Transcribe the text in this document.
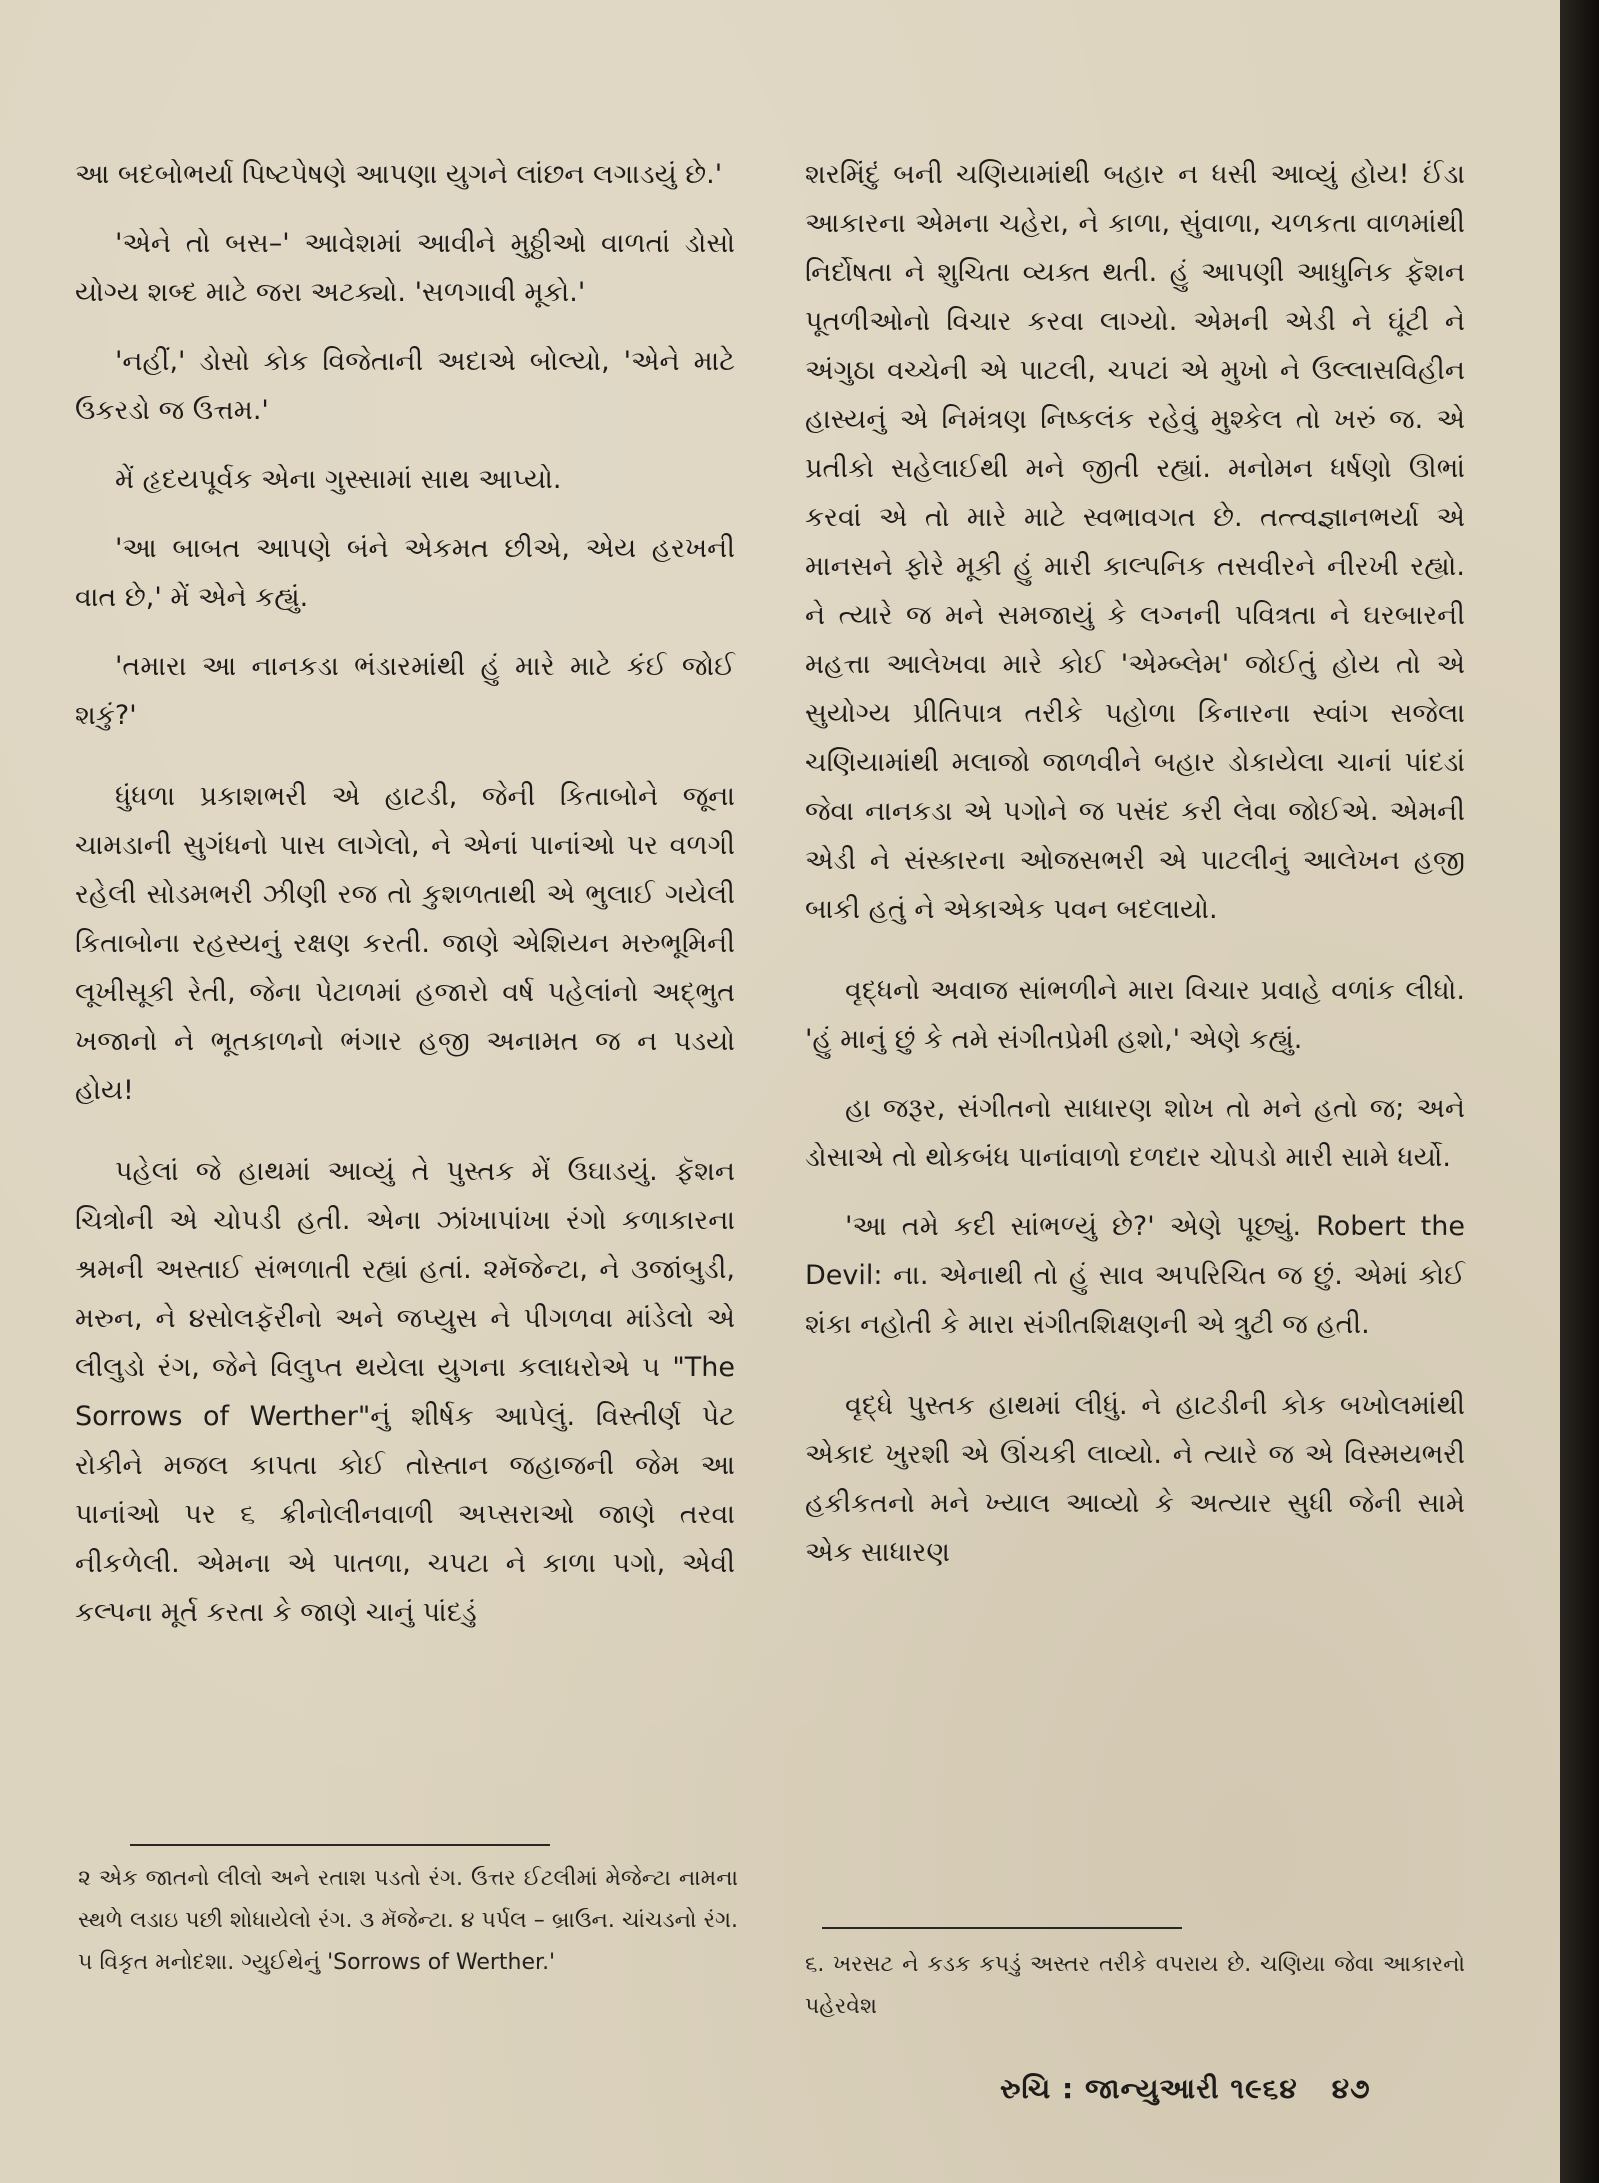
આ બદબોભર્યા પિષ્ટપેષણે આપણા યુગને લાંછન લગાડયું છે.'

'એને તો બસ–' આવેશમાં આવીને મુઠ્ઠીઓ વાળતાં ડોસો યોગ્ય શબ્દ માટે જરા અટક્યો. 'સળગાવી મૂકો.'

'નહીં,' ડોસો કોક વિજેતાની અદાએ બોલ્યો, 'એને માટે ઉકરડો જ ઉત્તમ.'

મેં હૃદયપૂર્વક એના ગુસ્સામાં સાથ આપ્યો.

'આ બાબત આપણે બંને એકમત છીએ, એય હરખની વાત છે,' મેં એને કહ્યું.

'તમારા આ નાનકડા ભંડારમાંથી હું મારે માટે કંઈ જોઈ શકું?'

ધુંધળા પ્રકાશભરી એ હાટડી, જેની કિતાબોને જૂના ચામડાની સુગંધનો પાસ લાગેલો, ને એનાં પાનાંઓ પર વળગી રહેલી સોડમભરી ઝીણી રજ તો કુશળતાથી એ ભુલાઈ ગયેલી કિતાબોના રહસ્યનું રક્ષણ કરતી. જાણે એશિયન મરુભૂમિની લૂખીસૂકી રેતી, જેના પેટાળમાં હજારો વર્ષ પહેલાંનો અદ્ભુત ખજાનો ને ભૂતકાળનો ભંગાર હજી અનામત જ ન પડયો હોય!

પહેલાં જે હાથમાં આવ્યું તે પુસ્તક મેં ઉઘાડયું. ફૅશન ચિત્રોની એ ચોપડી હતી. એના ઝાંખાપાંખા રંગો કળાકારના શ્રમની અસ્તાઈ સંભળાતી રહ્યાં હતાં. ૨મૅજેન્ટા, ને ૩જાંબુડી, મરુન, ને ૪સોલફૅરીનો અને જપ્યુસ ને પીગળવા માંડેલો એ લીલુડો રંગ, જેને વિલુપ્ત થયેલા યુગના કલાધરોએ ૫ "The Sorrows of Werther"નું શીર્ષક આપેલું. વિસ્તીર્ણ પેટ રોકીને મજલ કાપતા કોઈ તોસ્તાન જહાજની જેમ આ પાનાંઓ પર ૬ ક્રીનોલીનવાળી અપ્સરાઓ જાણે તરવા નીકળેલી. એમના એ પાતળા, ચપટા ને કાળા પગો, એવી કલ્પના મૂર્ત કરતા કે જાણે ચાનું પાંદડું

૨ એક જાતનો લીલો અને રતાશ પડતો રંગ. ઉત્તર ઈટલીમાં મેજેન્ટા નામના સ્થળે લડાઇ પછી શોધાયેલો રંગ. ૩ મૅજેન્ટા. ૪ પર્પલ – બ્રાઉન. ચાંચડનો રંગ. ૫ વિકૃત મનોદશા. ગ્યુઈથેનું 'Sorrows of Werther.'

શરમિંદું બની ચણિયામાંથી બહાર ન ધસી આવ્યું હોય! ઈંડા આકારના એમના ચહેરા, ને કાળા, સુંવાળા, ચળકતા વાળમાંથી નિર્દોષતા ને શુચિતા વ્યક્ત થતી. હું આપણી આધુનિક ફૅશન પૂતળીઓનો વિચાર કરવા લાગ્યો. એમની એડી ને ઘૂંટી ને અંગુઠા વચ્ચેની એ પાટલી, ચપટાં એ મુખો ને ઉલ્લાસવિહીન હાસ્યનું એ નિમંત્રણ નિષ્કલંક રહેવું મુશ્કેલ તો ખરું જ. એ પ્રતીકો સહેલાઈથી મને જીતી રહ્યાં. મનોમન ધર્ષણો ઊભાં કરવાં એ તો મારે માટે સ્વભાવગત છે. તત્ત્વજ્ઞાનભર્યા એ માનસને ફોરે મૂકી હું મારી કાલ્પનિક તસવીરને નીરખી રહ્યો. ને ત્યારે જ મને સમજાયું કે લગ્નની પવિત્રતા ને ઘરબારની મહત્તા આલેખવા મારે કોઈ 'એમ્બ્લેમ' જોઈતું હોય તો એ સુયોગ્ય પ્રીતિપાત્ર તરીકે પહોળા કિનારના સ્વાંગ સજેલા ચણિયામાંથી મલાજો જાળવીને બહાર ડોકાયેલા ચાનાં પાંદડાં જેવા નાનકડા એ પગોને જ પસંદ કરી લેવા જોઈએ. એમની એડી ને સંસ્કારના ઓજસભરી એ પાટલીનું આલેખન હજી બાકી હતું ને એકાએક પવન બદલાયો.

વૃદ્ધનો અવાજ સાંભળીને મારા વિચાર પ્રવાહે વળાંક લીધો. 'હું માનું છું કે તમે સંગીતપ્રેમી હશો,' એણે કહ્યું.

હા જરૂર, સંગીતનો સાધારણ શોખ તો મને હતો જ; અને ડોસાએ તો થોકબંધ પાનાંવાળો દળદાર ચોપડો મારી સામે ધર્યો.

'આ તમે કદી સાંભળ્યું છે?' એણે પૂછ્યું. Robert the Devil: ના. એનાથી તો હું સાવ અપરિચિત જ છું. એમાં કોઈ શંકા નહોતી કે મારા સંગીતશિક્ષણની એ ત્રુટી જ હતી.

વૃદ્ધે પુસ્તક હાથમાં લીધું. ને હાટડીની કોક બખોલમાંથી એકાદ ખુરશી એ ઊંચકી લાવ્યો. ને ત્યારે જ એ વિસ્મયભરી હકીકતનો મને ખ્યાલ આવ્યો કે અત્યાર સુધી જેની સામે એક સાધારણ

૬. ખરસટ ને કડક કપડું અસ્તર તરીકે વપરાય છે. ચણિયા જેવા આકારનો પહેરવેશ
રુચિ : જાન્યુઆરી ૧૯૬૪ ૪૭
